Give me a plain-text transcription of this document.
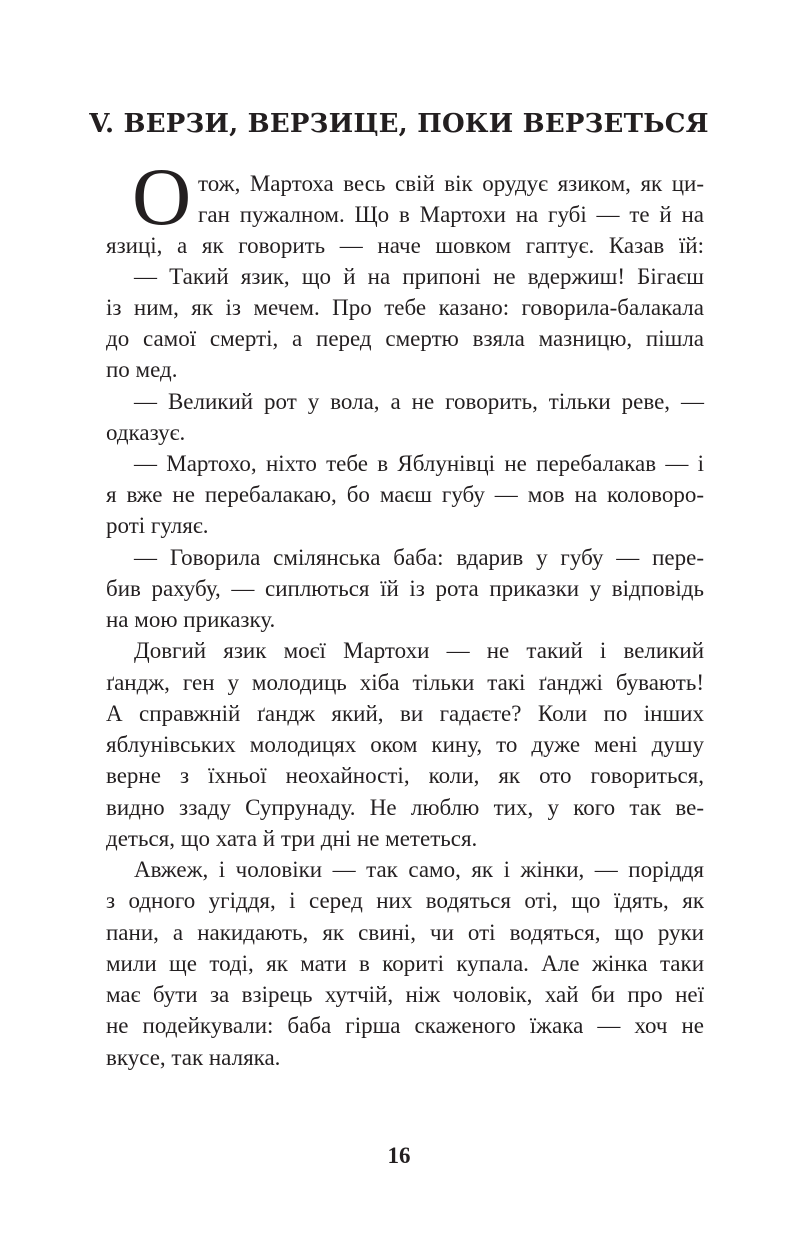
V. ВЕРЗИ, ВЕРЗИЦЕ, ПОКИ ВЕРЗЕТЬСЯ
О тож, Мартоха весь свій вік орудує язиком, як ци-
ган пужалном. Що в Мартохи на губі — те й на
язиці, а як говорить — наче шовком гаптує. Казав їй:
— Такий язик, що й на припоні не вдержиш! Бігаєш
із ним, як із мечем. Про тебе казано: говорила-балакала
до самої смерті, а перед смертю взяла мазницю, пішла
по мед.
— Великий рот у вола, а не говорить, тільки реве, —
одказує.
— Мартохо, ніхто тебе в Яблунівці не перебалакав — і
я вже не перебалакаю, бо маєш губу — мов на коловоро-
роті гуляє.
— Говорила смілянська баба: вдарив у губу — пере-
бив рахубу, — сиплються їй із рота приказки у відповідь
на мою приказку.
Довгий язик моєї Мартохи — не такий і великий
ґандж, ген у молодиць хіба тільки такі ґанджі бувають!
А справжній ґандж який, ви гадаєте? Коли по інших
яблунівських молодицях оком кину, то дуже мені душу
верне з їхньої неохайності, коли, як ото говориться,
видно ззаду Супрунаду. Не люблю тих, у кого так ве-
деться, що хата й три дні не мететься.
Авжеж, і чоловіки — так само, як і жінки, — поріддя
з одного угіддя, і серед них водяться оті, що їдять, як
пани, а накидають, як свині, чи оті водяться, що руки
мили ще тоді, як мати в кориті купала. Але жінка таки
має бути за взірець хутчій, ніж чоловік, хай би про неї
не подейкували: баба гірша скаженого їжака — хоч не
вкусе, так наляка.
16
